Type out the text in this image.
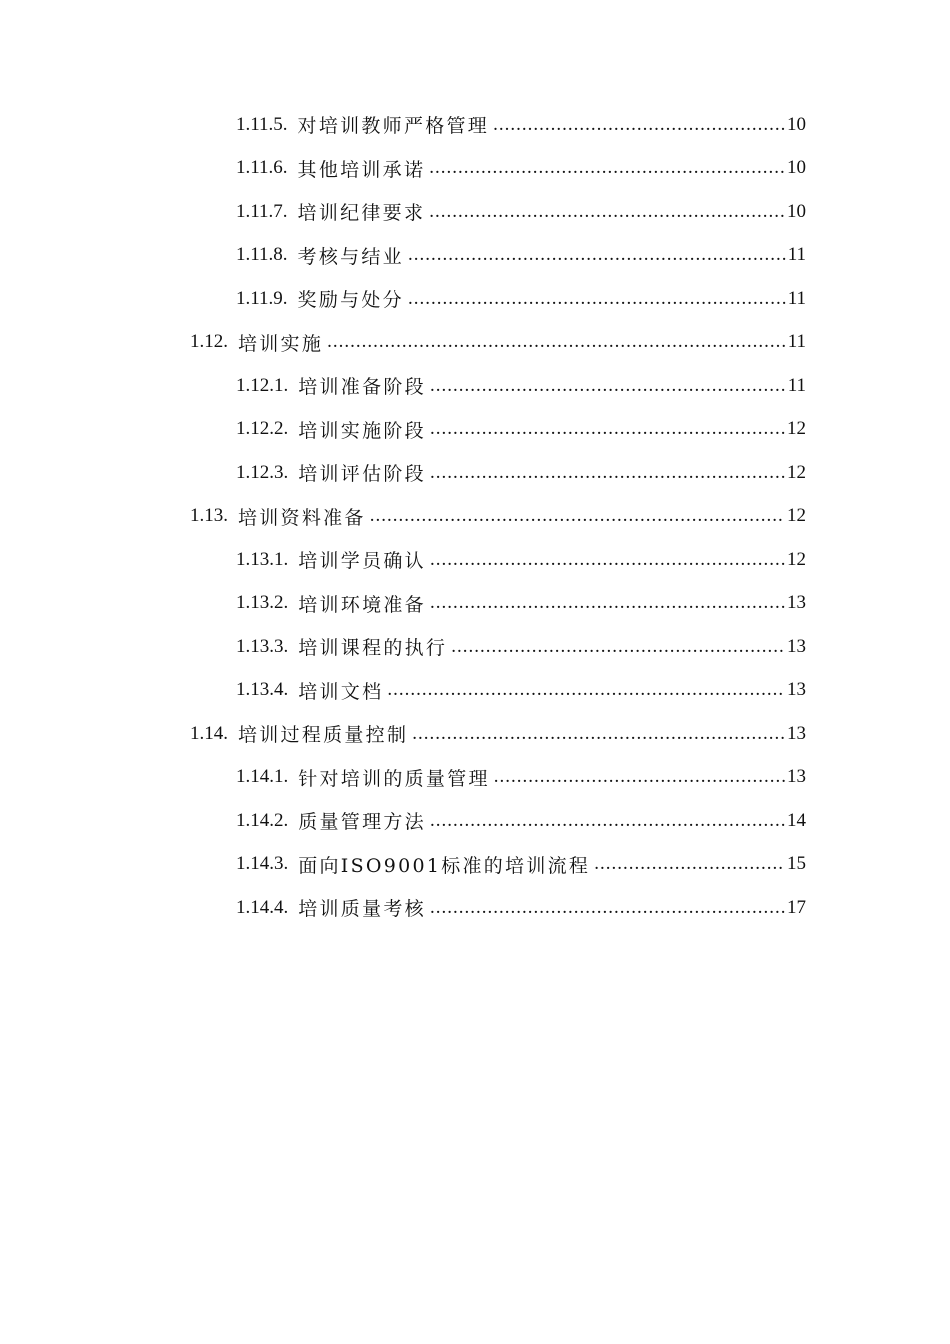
1.11.5. 对培训教师严格管理 .....	10
1.11.6. 其他培训承诺 .....	10
1.11.7. 培训纪律要求 .....	10
1.11.8. 考核与结业 .....	11
1.11.9. 奖励与处分 .....	11
1.12. 培训实施 .....	11
1.12.1. 培训准备阶段 .....	11
1.12.2. 培训实施阶段 .....	12
1.12.3. 培训评估阶段 .....	12
1.13. 培训资料准备 .....	12
1.13.1. 培训学员确认 .....	12
1.13.2. 培训环境准备 .....	13
1.13.3. 培训课程的执行 .....	13
1.13.4. 培训文档 .....	13
1.14. 培训过程质量控制 .....	13
1.14.1. 针对培训的质量管理 .....	13
1.14.2. 质量管理方法 .....	14
1.14.3. 面向ISO9001标准的培训流程 .....	15
1.14.4. 培训质量考核 .....	17
